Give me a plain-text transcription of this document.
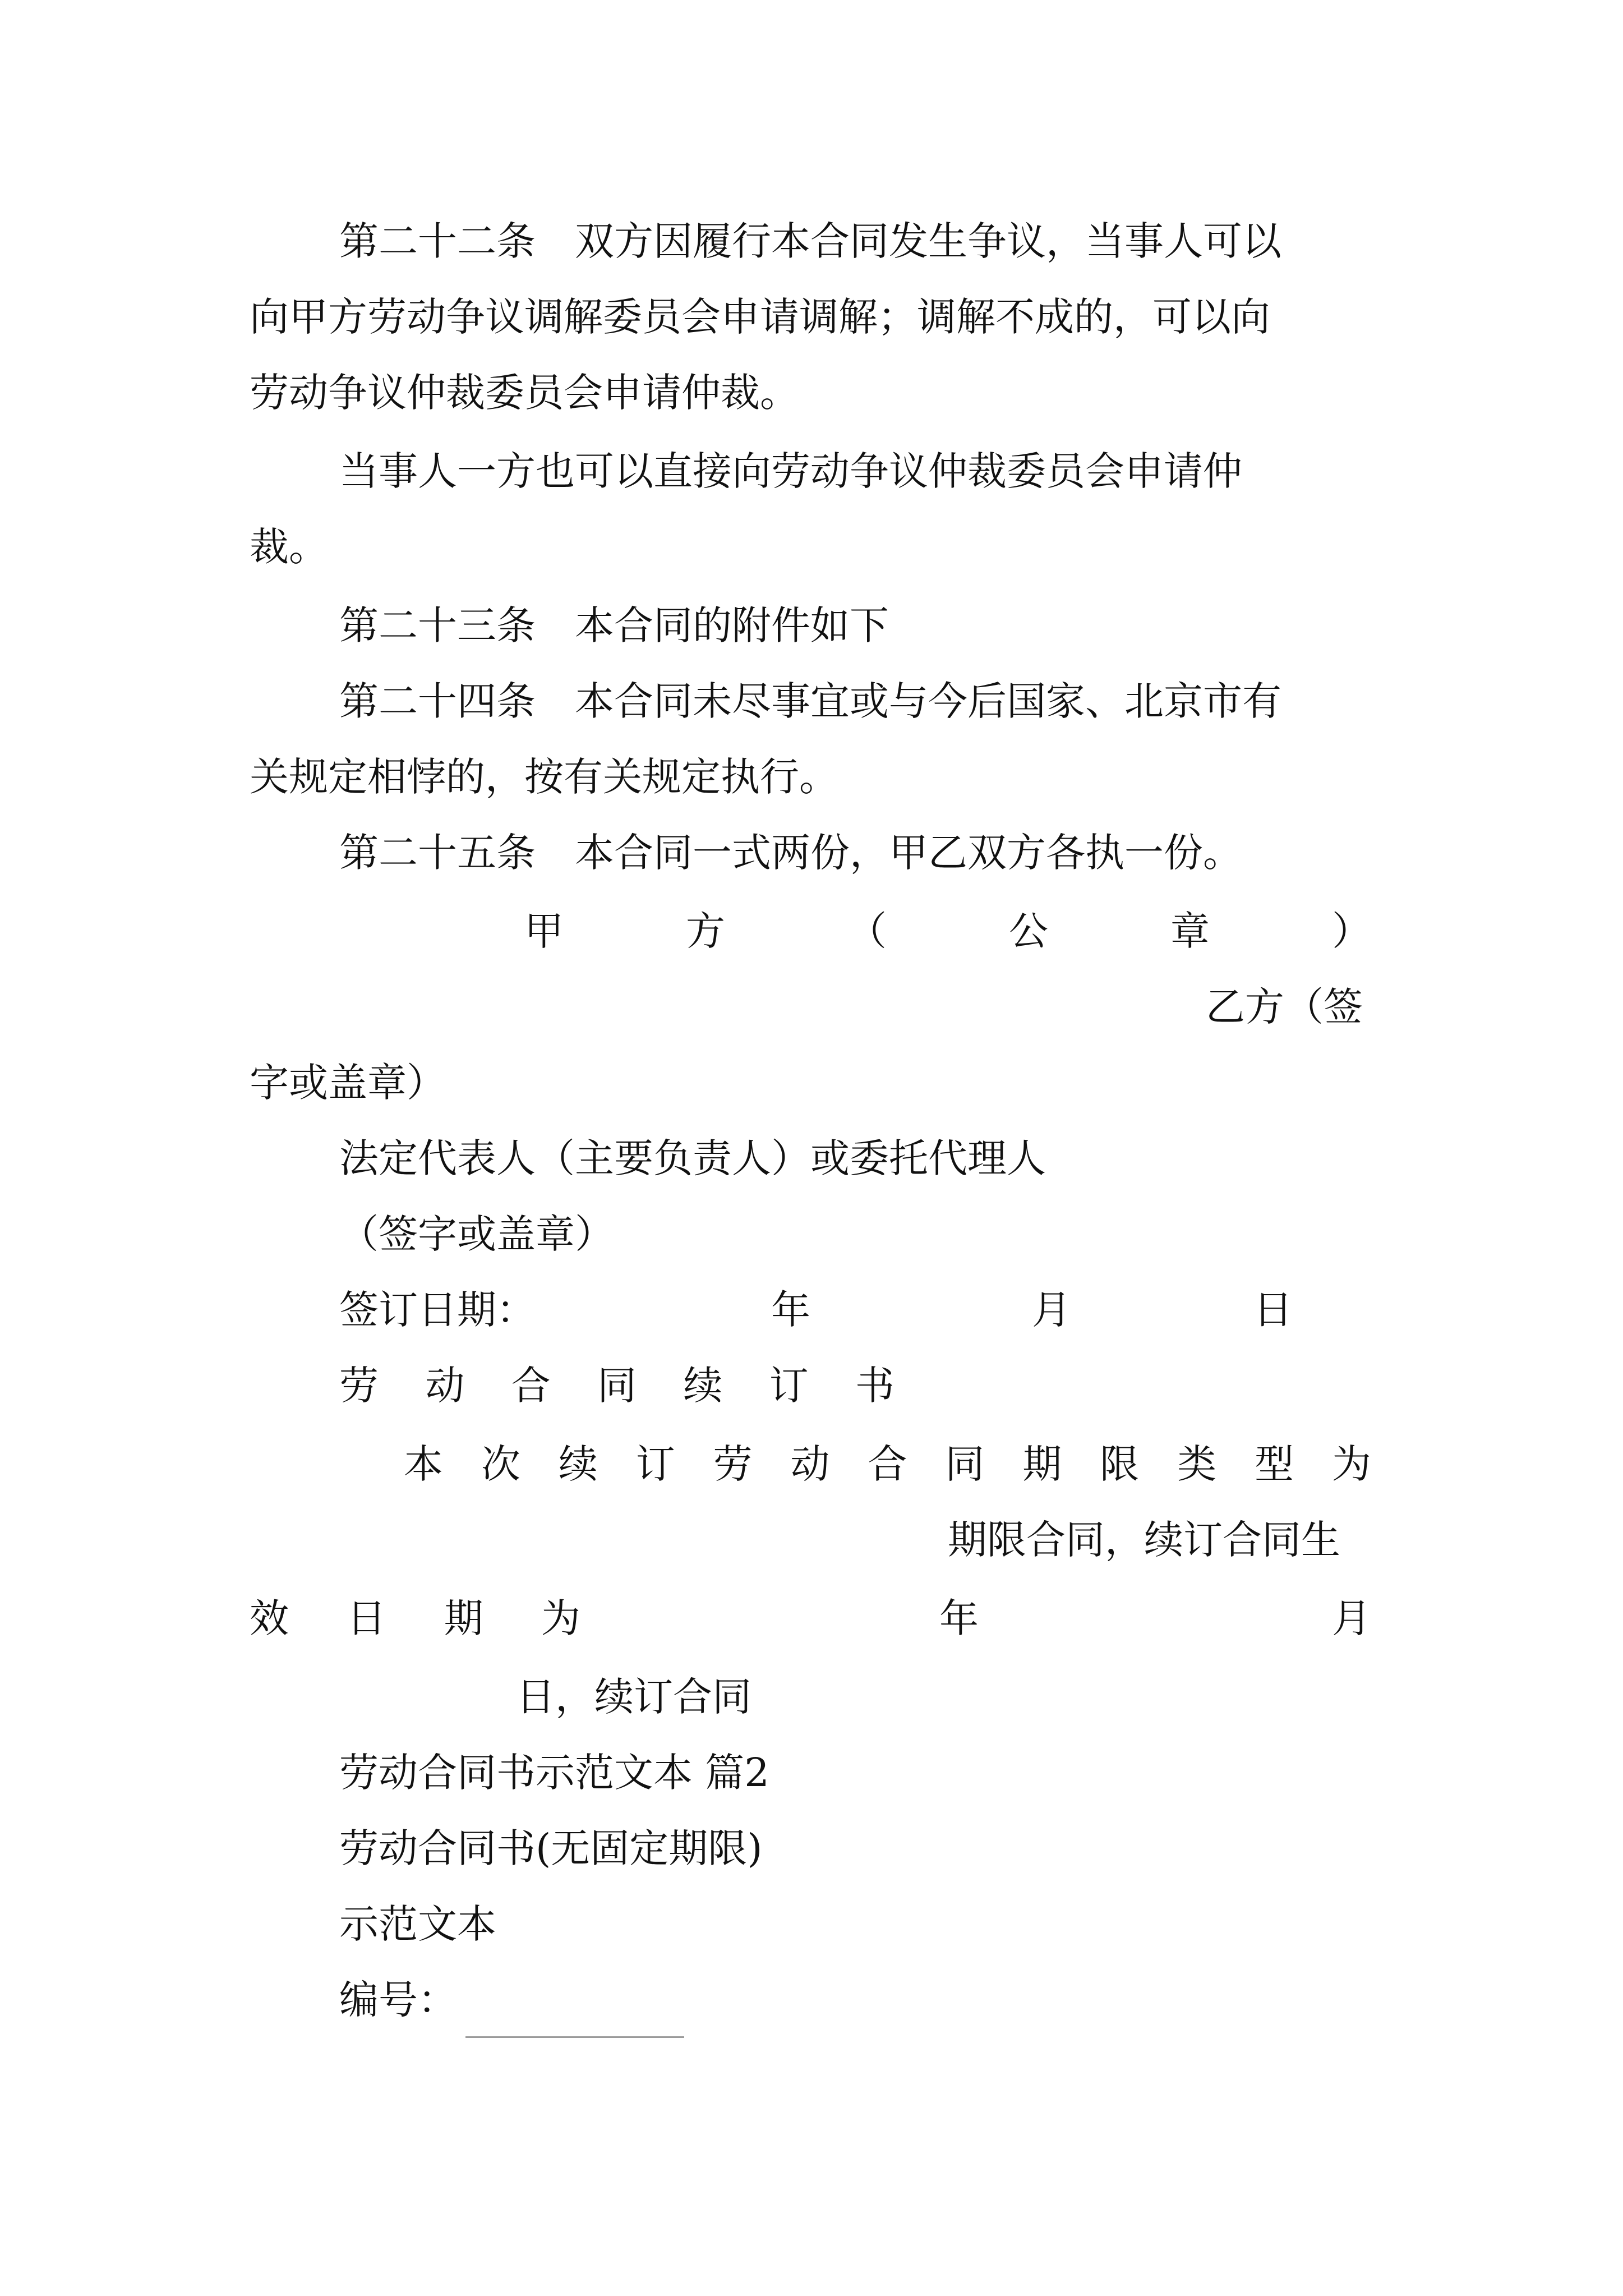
第二十二条　双方因履行本合同发生争议，当事人可以
向甲方劳动争议调解委员会申请调解；调解不成的，可以向
劳动争议仲裁委员会申请仲裁。
当事人一方也可以直接向劳动争议仲裁委员会申请仲
裁。
第二十三条　本合同的附件如下
第二十四条　本合同未尽事宜或与今后国家、北京市有
关规定相悖的，按有关规定执行。
第二十五条　本合同一式两份，甲乙双方各执一份。
甲	方	（	公	章	）
乙方（签
字或盖章）
法定代表人（主要负责人）或委托代理人
（签字或盖章）
签订日期：	年	月	日
劳 动 合 同 续 订 书
本 次 续 订 劳 动 合 同 期 限 类 型 为
期限合同，续订合同生
效 日 期 为	年	月
日，续订合同
劳动合同书示范文本 篇2
劳动合同书(无固定期限)
示范文本
编号：
